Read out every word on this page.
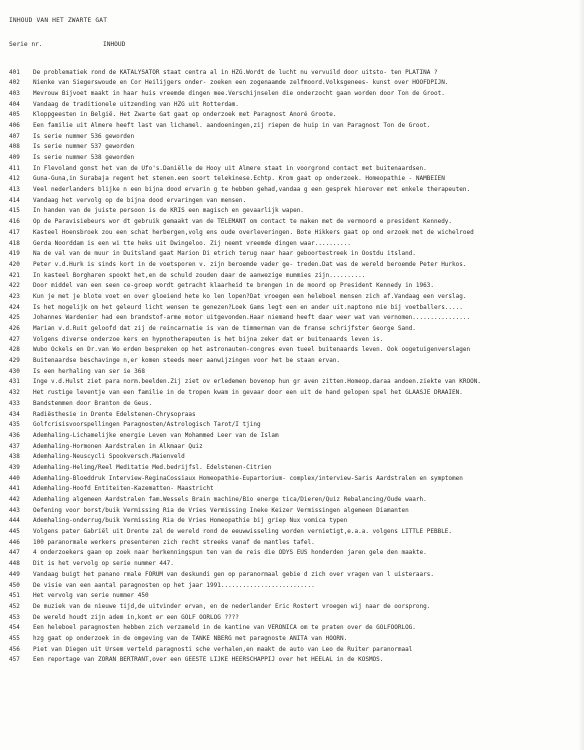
INHOUD VAN HET ZWARTE GAT
Serie nr.	INHOUD
401	De problematiek rond de KATALYSATOR staat centra al in HZG.Wordt de lucht nu vervuild door uitsto- ten PLATINA ?
402	Nienke van Siegerswoude en Cor Heilijgers onder- zoeken een zogenaamde zelfmoord.Volksgenees- kunst over HOOFDPIJN.
403	Mevrouw Bijvoet maakt in haar huis vreemde dingen mee.Verschijnselen die onderzocht gaan worden door Ton de Groot.
404	Vandaag de traditionele uitzending van HZG uit Rotterdam.
405	Kloppgeesten in België. Het Zwarte Gat gaat op onderzoek met Paragnost Anoré Groote.
406	Een familie uit Almere heeft last van lichamel. aandoeningen,zij riepen de huip in van Paragnost Ton de Groot.
407	Is serie nummer 536 geworden
408	Is serie nummer 537 geworden
409	Is serie nummer 538 geworden
411	In Flevoland gonst het van de Ufo's.Daniëlle de Hooy uit Almere staat in voorgrond contact met buitenaardsen.
412	Guna-Guna,in Surabaja regent het stenen.een soort telekinese.Echtp. Krom gaat op onderzoek. Homeopathie - NAMBEIEN
413	Veel nederlanders blijke n een bijna dood ervarin g te hebben gehad,vandaa g een gesprek hierover met enkele therapeuten.
414	Vandaag het vervolg op de bijna dood ervaringen van mensen.
415	In handen van de juiste persoon is de KRIS een magisch en gevaarlijk wapen.
416	Op de Paravisiebeurs wor dt gebruik gemaakt van de TELEMANT om contact te maken met de vermoord e president Kennedy.
417	Kasteel Hoensbroek zou een schat herbergen,volg ens oude overleveringen. Bote Hikkers gaat op ond erzoek met de wichelroed
418	Gerda Noorddam is een wi tte heks uit Dwingeloo. Zij neemt vreemde dingen waar..........
419	Na de val van de muur in Duitsland gaat Marion Di etrich terug naar haar geboortestreek in Oostdu itsland.
420	Peter v.d.Hurk is sinds kort in de voetsporen v. zijn beroemde vader ge- treden.Dat was de wereld beroemde Peter Hurkos.
421	In kasteel Borgharen spookt het,en de schuld zouden daar de aanwezige mummies zijn..........
422	Door middel van een seen ce-groep wordt getracht klaarheid te brengen in de moord op President Kennedy in 1963.
423	Kun je met je blote voet en over gloeiend hete ko len lopen?Dat vroegen een heleboel mensen zich af.Vandaag een verslag.
424	Is het mogelijk om het geleurd licht wensen te genezen?Loek Gams legt een en ander uit.naptono mie bij voetballers.....
425	Johannes Wardenier had een brandstof-arme motor uitgevonden.Haar niemand heeft daar weer wat van vernomen................
426	Marian v.d.Ruit geloofd dat zij de reincarnatie is van de timmerman van de franse schrijfster George Sand.
427	Volgens diverse onderzoe kers en hypnotherapeuten is het bijna zeker dat er buitenaards leven is.
428	Wubo Ockels en Dr.van Wo erden bespreken op het astronauten-congres even tueel buitenaards leven. Ook oogetuigenverslagen
429	Buitenaardse beschavinge n,er komen steeds meer aanwijzingen voor het be staan ervan.
430	Is een herhaling van ser ie 368
431	Inge v.d.Hulst ziet para norm.beelden.Zij ziet ov erledemen bovenop hun gr aven zitten.Homeop.daraa andoen.ziekte van KROON.
432	Het rustige leventje van een familie in de tropen kwam in gevaar door een uit de hand gelopen spel het GLAASJE DRAAIEN.
433	Bandstemmen door Branton de Geus.
434	Radiësthesie in Drente Edelstenen-Chrysopraas
435	Golfcrisisvoorspellingen Paragnosten/Astrologisch Tarot/I tjing
436	Ademhaling-Lichamelijke energie Leven van Mohammed Leer van de Islam
437	Ademhaling-Hormonen Aardstralen in Alkmaar Quiz
438	Ademhaling-Neuscycli Spookversch.Maienveld
439	Ademhaling-Helimg/Reel Meditatie Med.bedrijfsl. Edelstenen-Citrien
440	Ademhaling-Bloeddruk Interview-ReginaCossiaux Homeopathie-Eupartorium- complex/interview-Saris Aardstralen en symptomen
441	Ademhaling-Hoofd Entiteiten-Kazematten- Maastricht
442	Ademhaling algemeen Aardstralen fam.Wessels Brain machine/Bio energe tica/Dieren/Quiz Rebalancing/Oude waarh.
443	Oefening voor borst/buik Vermissing Ria de Vries Vermissing Ineke Keizer Vermissingen algemeen Diamanten
444	Ademhaling-onderrug/buik Vermissing Ria de Vries Homeopathie bij griep Nux vomica typen
445	Volgens pater Gabriël uit Drente zal de wereld rond de eeuwwisseling worden vernietigt,e.a.a. volgens LITTLE PEBBLE.
446	100 paranormale werkers presenteren zich recht streeks vanaf de mantles tafel.
447	4 onderzoekers gaan op zoek naar herkenningspun ten van de reis die ODYS EUS honderden jaren gele den maakte.
448	Dit is het vervolg op serie nummer 447.
449	Vandaag buigt het panano rmale FORUM van deskundi gen op paranormaal gebie d zich over vragen van l uisteraars.
450	De visie van een aantal paragnosten op het jaar 1991..........................
451	Het vervolg van serie nummer 450
452	De muziek van de nieuwe tijd,de uitvinder ervan, en de nederlander Eric Rostert vroegen wij naar de oorsprong.
453	De wereld houdt zijn adem in,komt er een GOLF OORLOG ????
454	Een heleboel paragnosten hebben zich verzameld in de kantine van VERONICA om te praten over de GOLFOORLOG.
455	hzg gaat op onderzoek in de omgeving van de TANKE NBERG met paragnoste ANITA van HOORN.
456	Piet van Diegen uit Ursem verteld paragnosti sche verhalen,en maakt de auto van Leo de Ruiter paranormaal
457	Een reportage van ZORAN BERTRANT,over een GEESTE LIJKE HEERSCHAPPIJ over het HEELAL in de KOSMOS.
